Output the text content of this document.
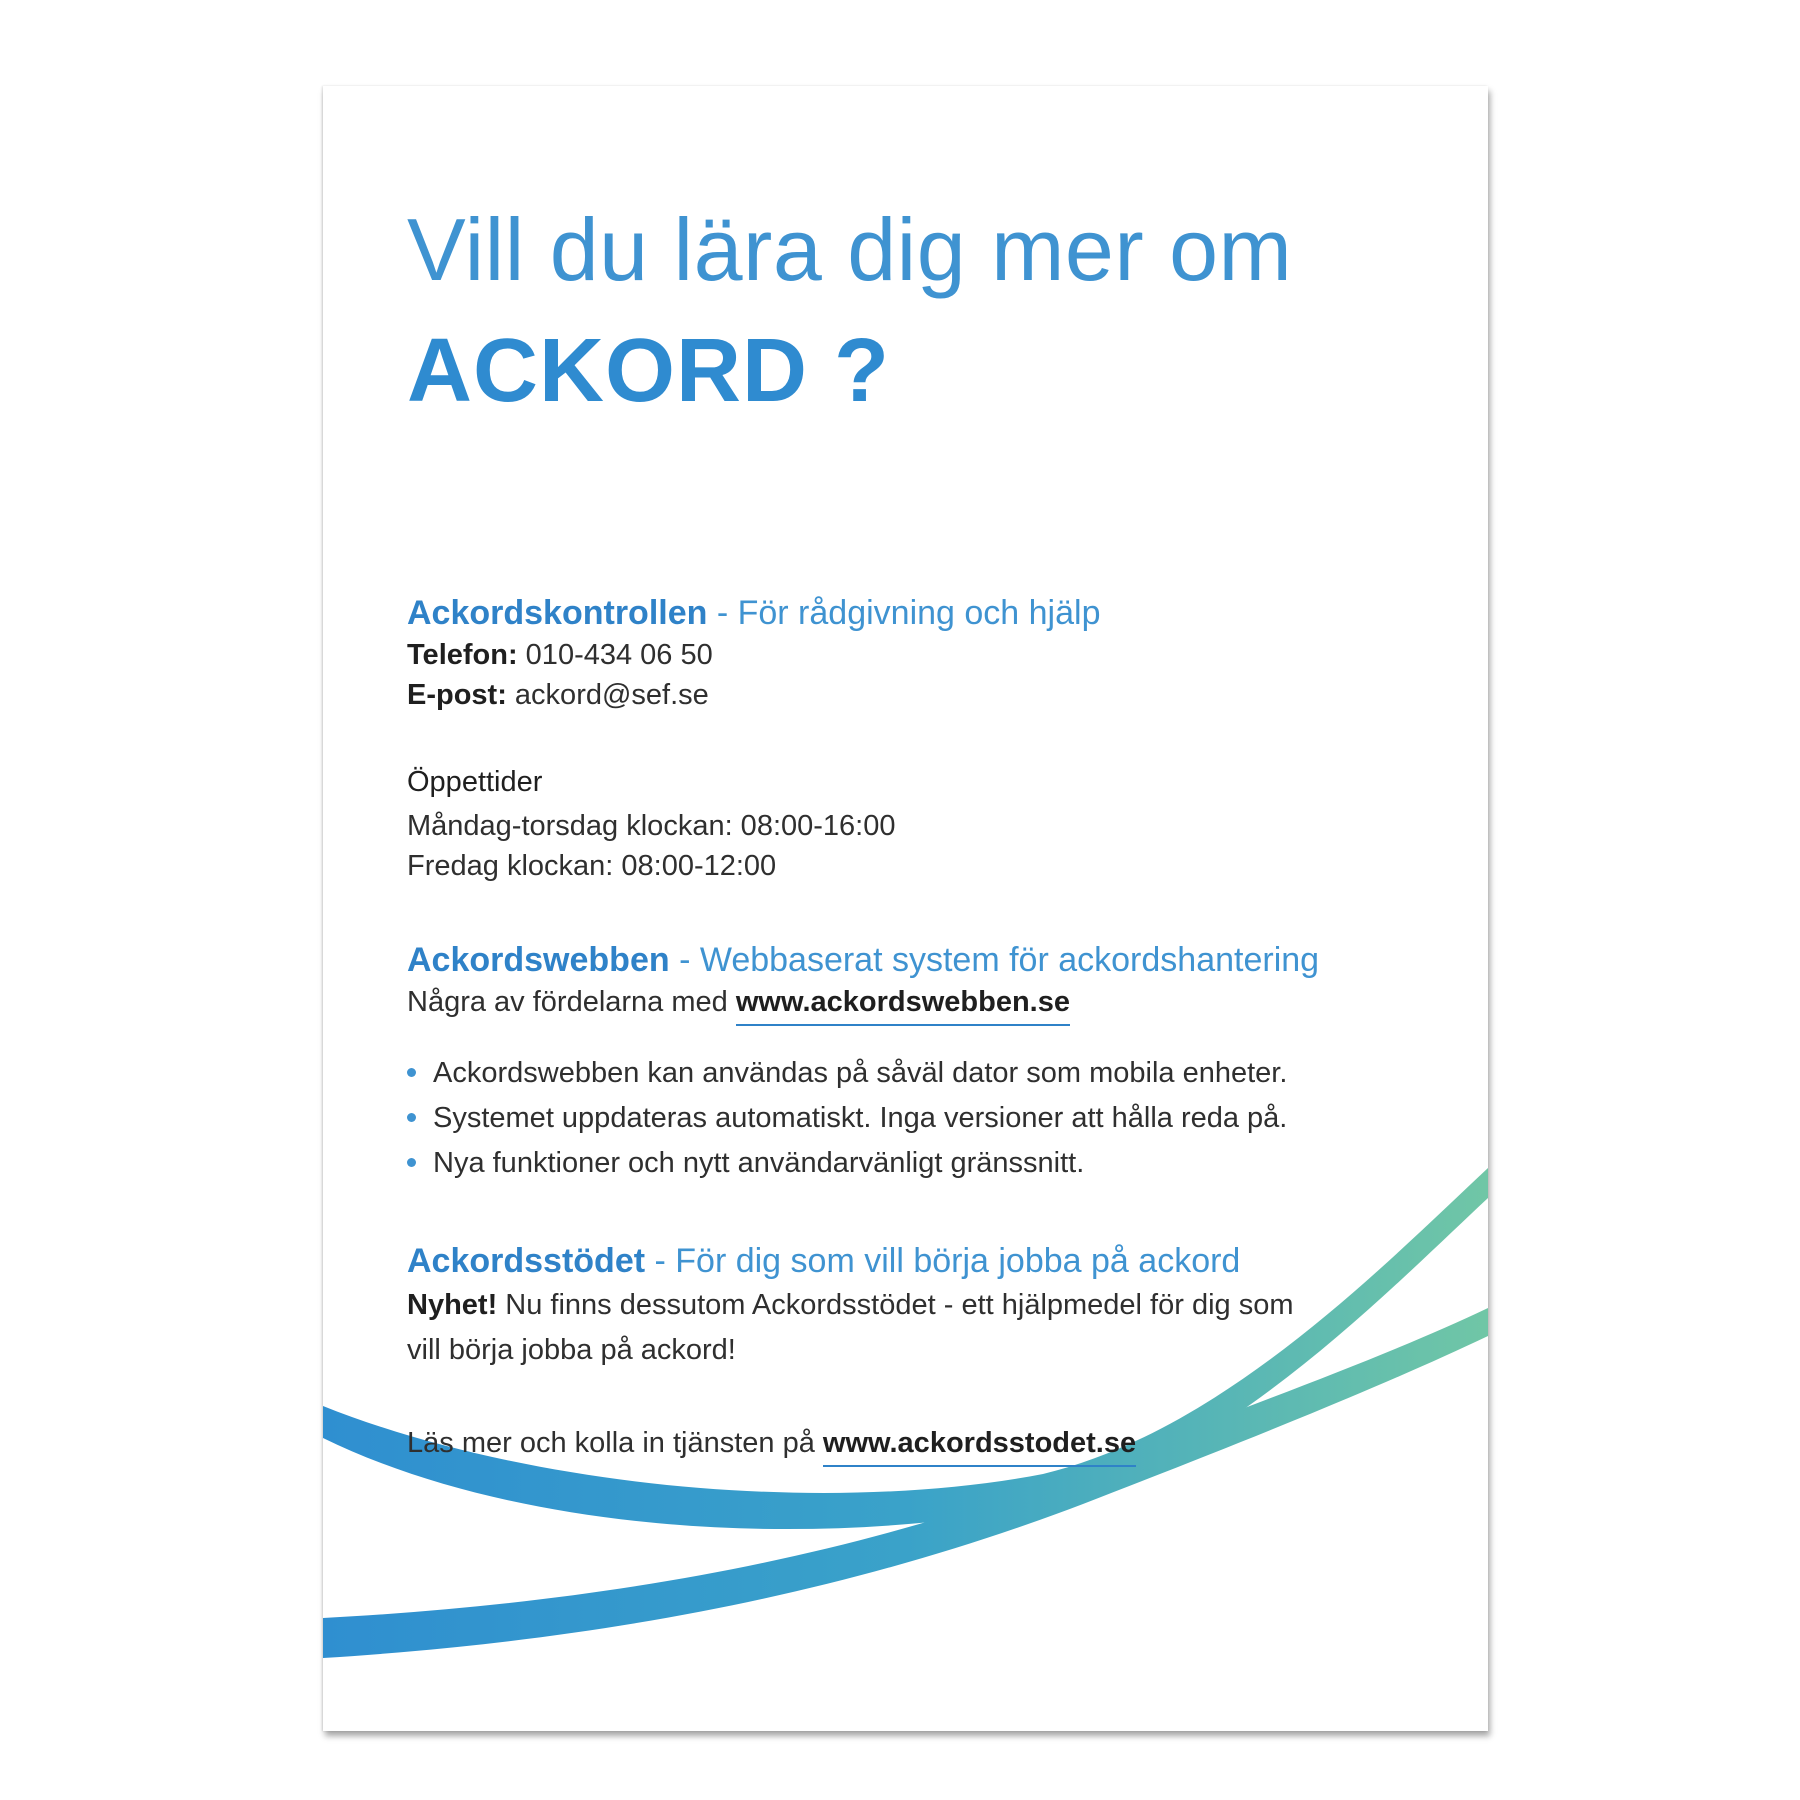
Vill du lära dig mer om
ACKORD ?
Ackordskontrollen - För rådgivning och hjälp
Telefon: 010-434 06 50
E-post: ackord@sef.se
Öppettider
Måndag-torsdag klockan: 08:00-16:00
Fredag klockan: 08:00-12:00
Ackordswebben - Webbaserat system för ackordshantering
Några av fördelarna med www.ackordswebben.se
Ackordswebben kan användas på såväl dator som mobila enheter.
Systemet uppdateras automatiskt. Inga versioner att hålla reda på.
Nya funktioner och nytt användarvänligt gränssnitt.
Ackordsstödet - För dig som vill börja jobba på ackord
Nyhet! Nu finns dessutom Ackordsstödet - ett hjälpmedel för dig som
vill börja jobba på ackord!
Läs mer och kolla in tjänsten på www.ackordsstodet.se
